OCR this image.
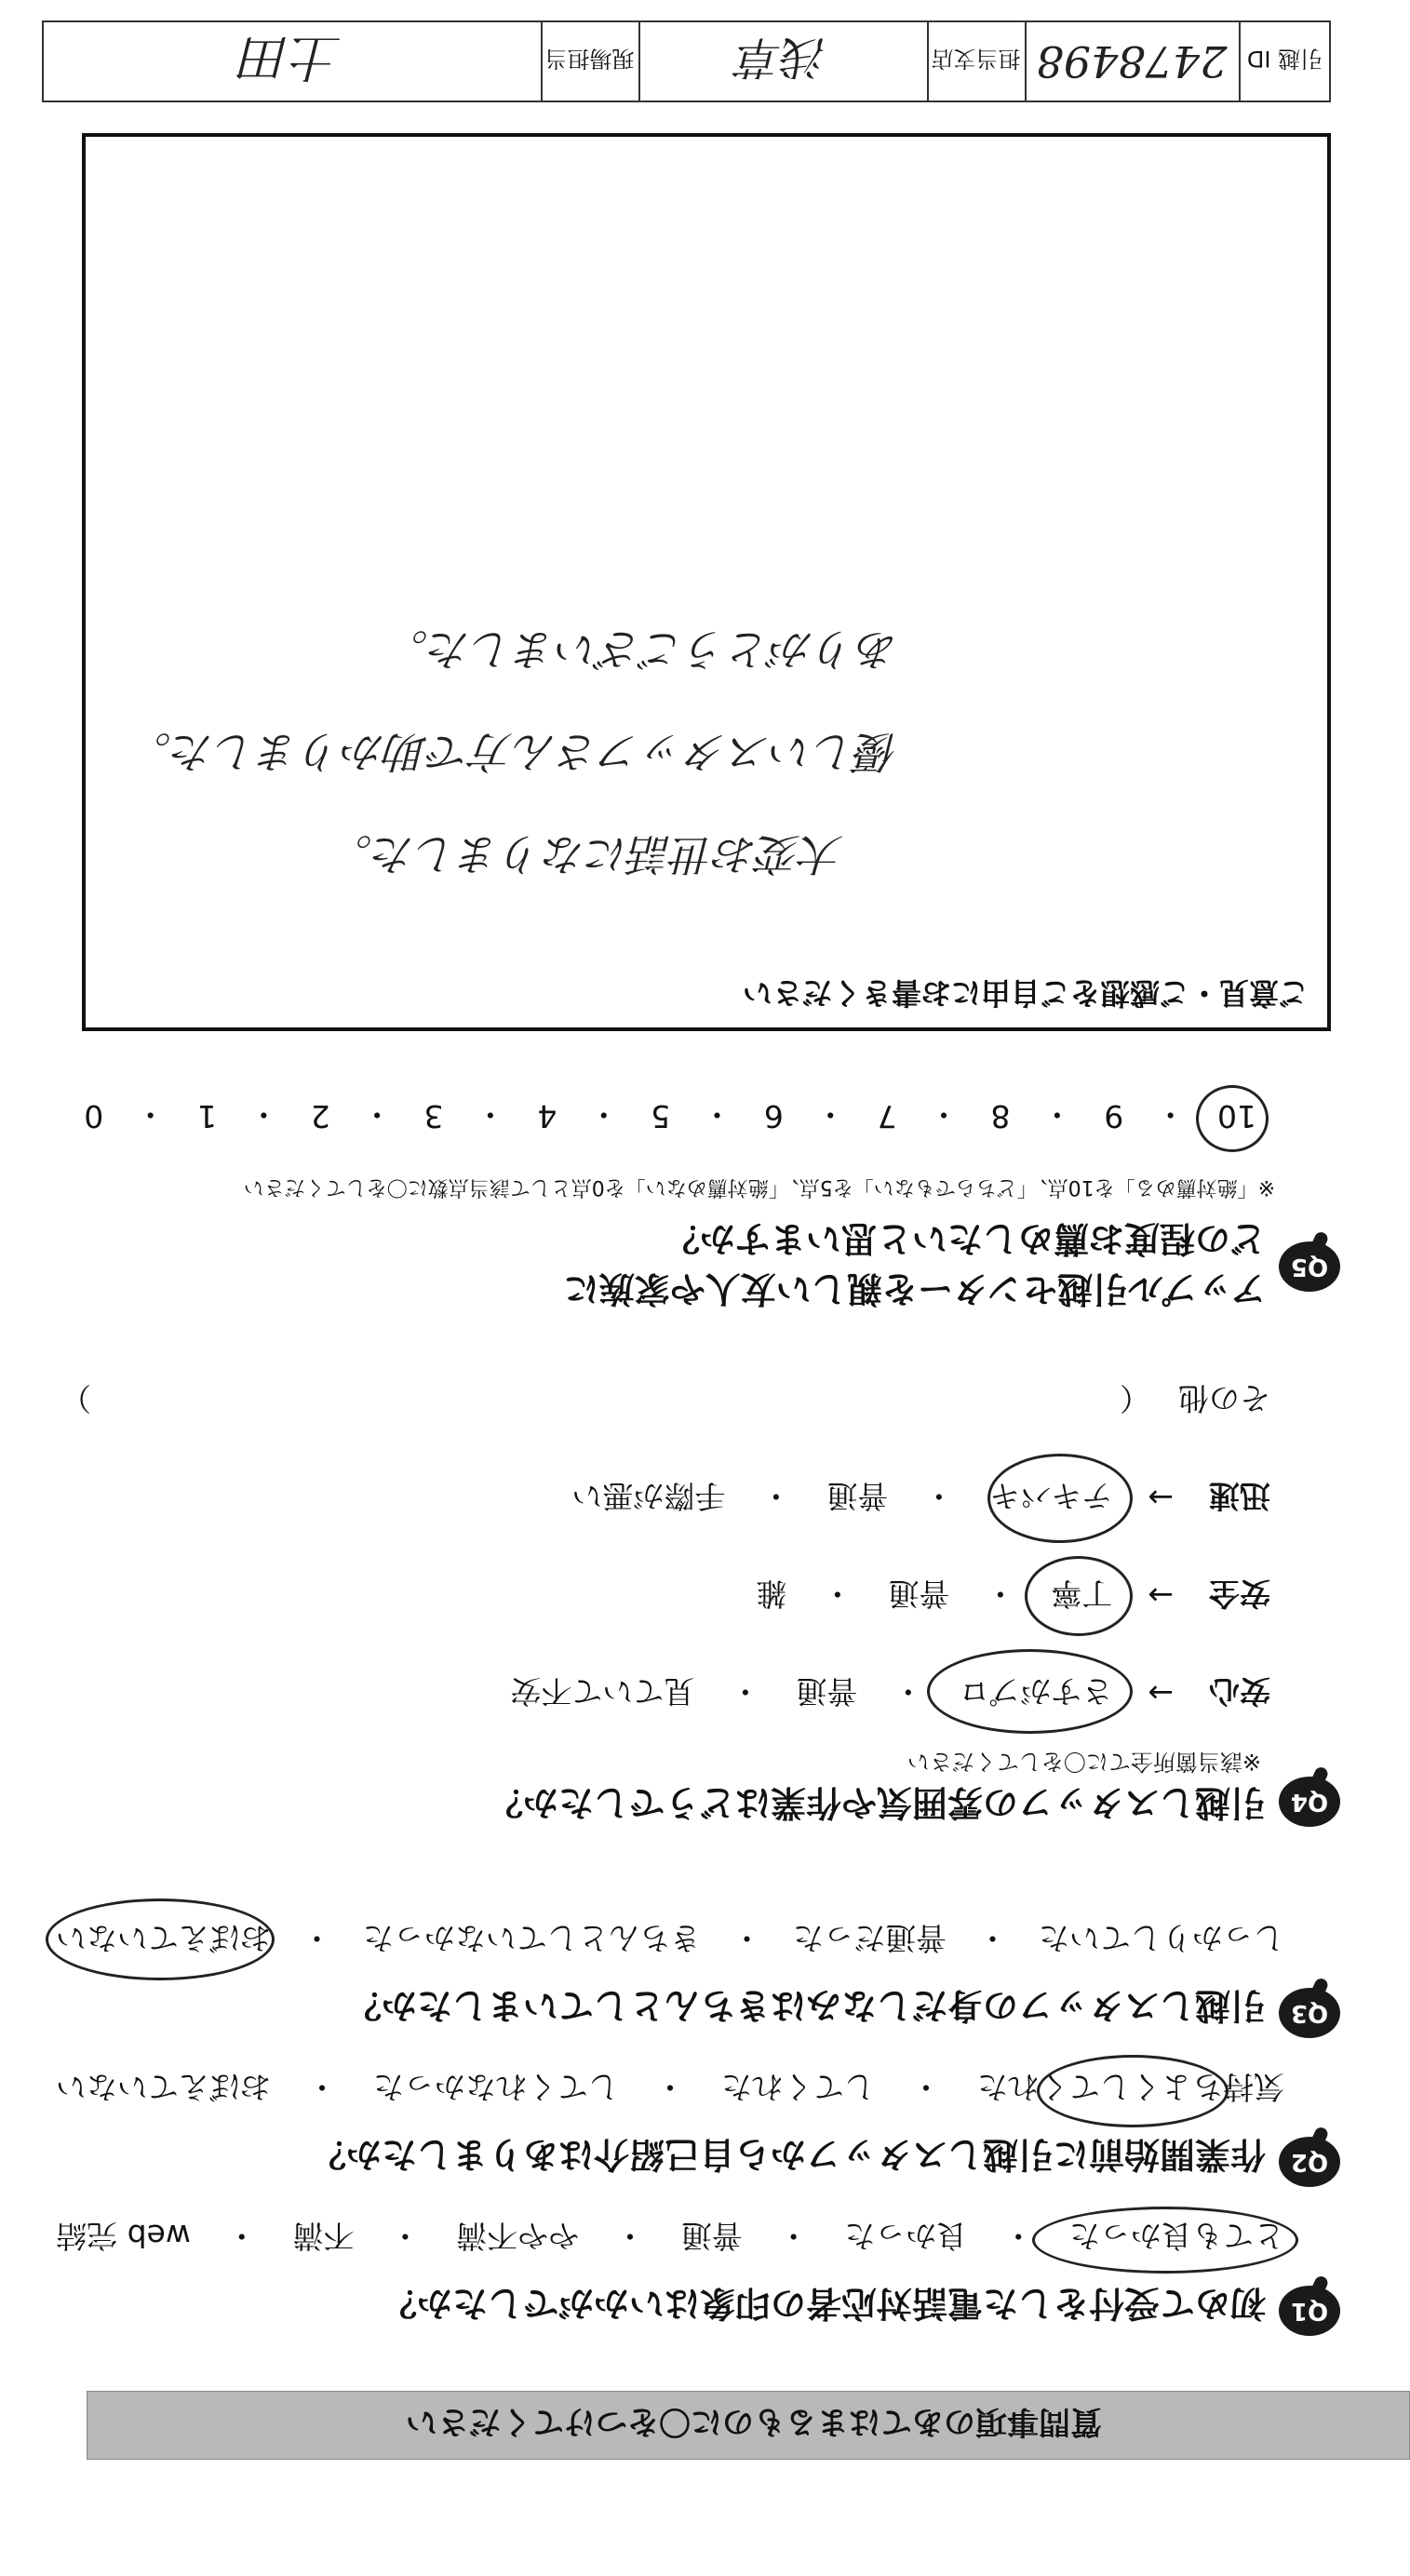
質問事項のあてはまるものに〇をつけてください
Q1
初めて受付をした電話対応者の印象はいかがでしたか？
とても良かった
・
良かった
・
普通
・
やや不満
・
不満
・
web 完結
Q2
作業開始前に引越しスタッフから自己紹介はありましたか？
気持ちよくしてくれた
・
してくれた
・
してくれなかった
・
おぼえていない
Q3
引越しスタッフの身だしなみはきちんとしていましたか？
しっかりしていた
・
普通だった
・
きちんとしていなかった
・
おぼえていない
Q4
引越しスタッフの雰囲気や作業はどうでしたか？
※該当箇所全てに〇をしてください
安心
→
さすがプロ
・
普通
・
見ていて不安
安全
→
丁寧
・
普通
・
雑
迅速
→
テキパキ
・
普通
・
手際が悪い
その他
（
）
Q5
アップル引越センターを親しい友人や家族に
どの程度お薦めしたいと思いますか？
※「絶対薦める」を10点、「どちらでもない」を5点、「絶対薦めない」を0点として該当点数に〇をしてください
10
・
9
・
8
・
7
・
6
・
5
・
4
・
3
・
2
・
1
・
0
ご意見・ご感想をご自由にお書きください
大変お世話になりました。
優しいスタッフさん方で助かりました。
ありがとうございました。
引越 ID
2478498
担当支店
浅草
現場担当
土田
